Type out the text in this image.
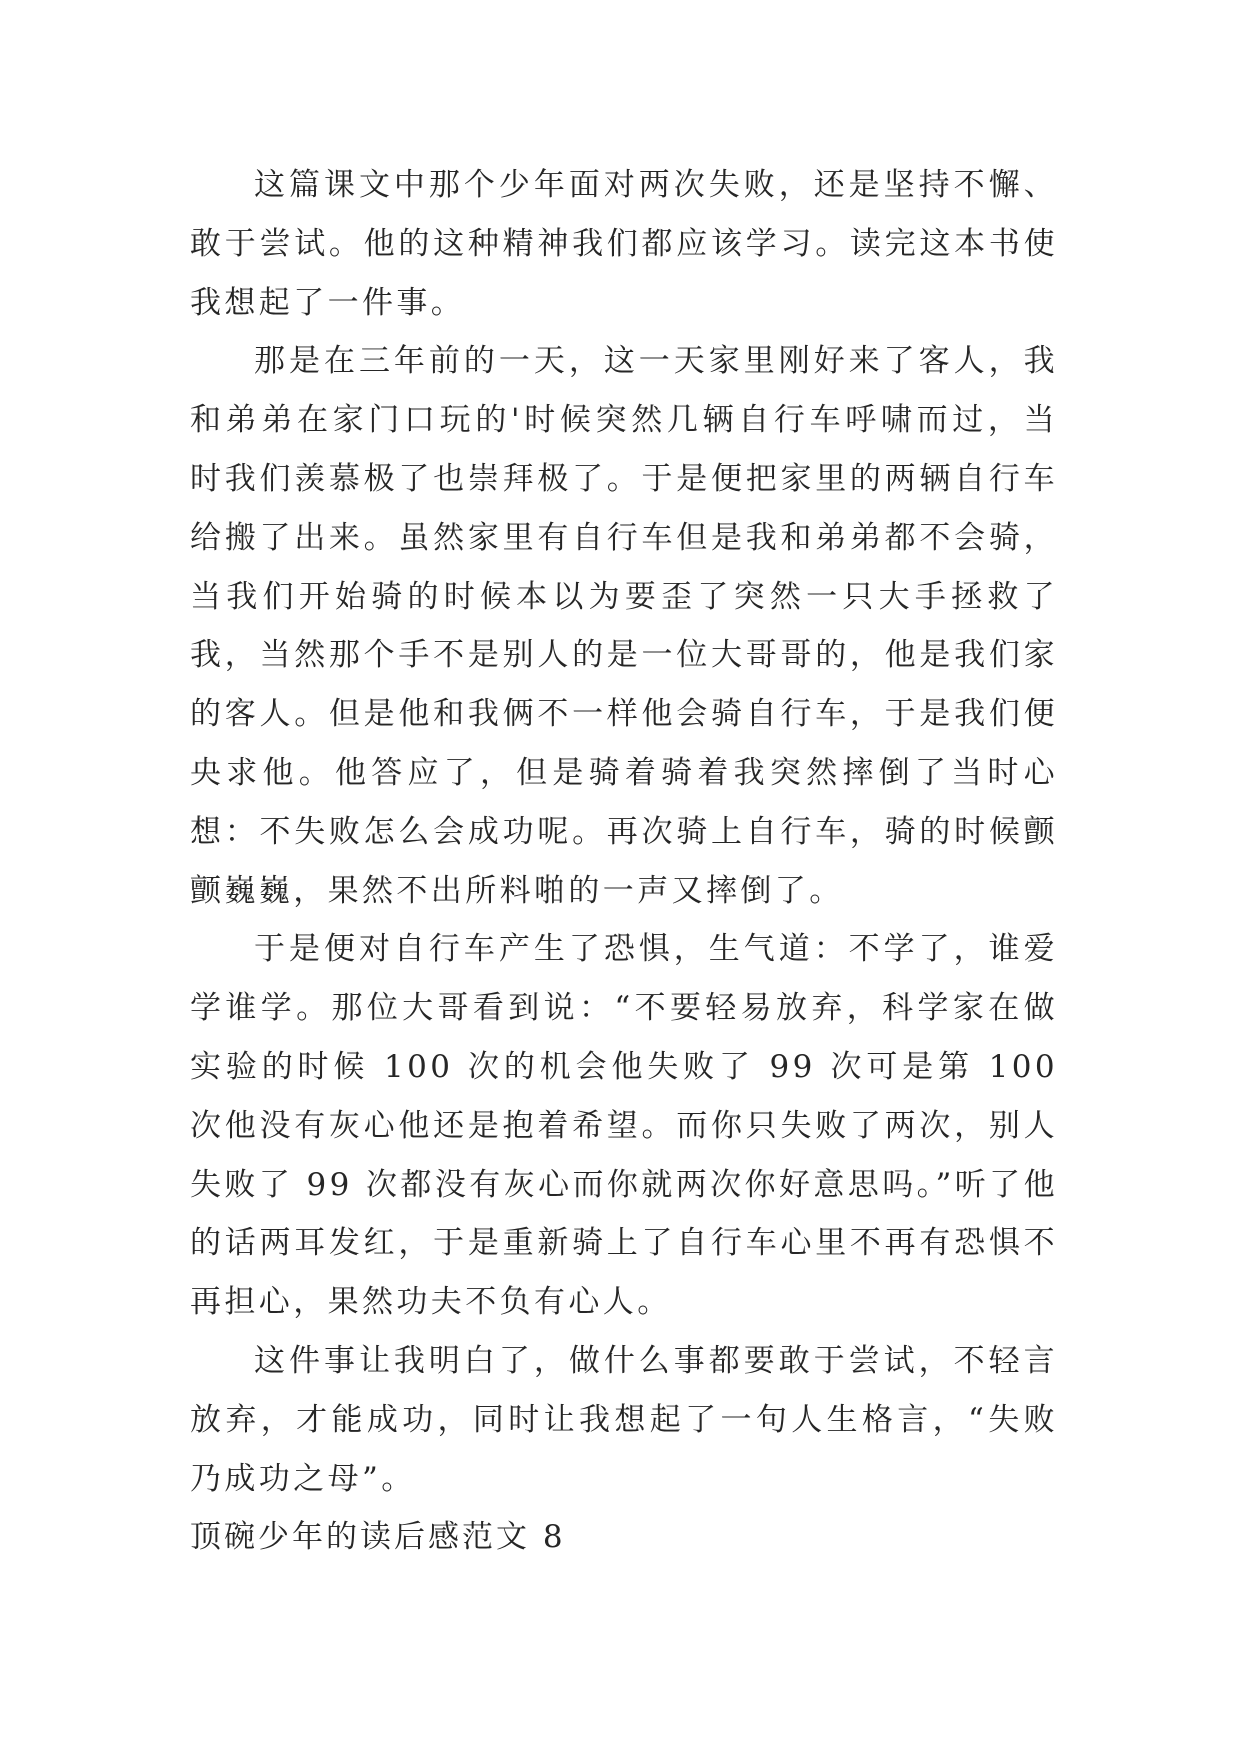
这篇课文中那个少年面对两次失败，还是坚持不懈、敢于尝试。他的这种精神我们都应该学习。读完这本书使我想起了一件事。

那是在三年前的一天，这一天家里刚好来了客人，我和弟弟在家门口玩的'时候突然几辆自行车呼啸而过，当时我们羡慕极了也崇拜极了。于是便把家里的两辆自行车给搬了出来。虽然家里有自行车但是我和弟弟都不会骑，当我们开始骑的时候本以为要歪了突然一只大手拯救了我，当然那个手不是别人的是一位大哥哥的，他是我们家的客人。但是他和我俩不一样他会骑自行车，于是我们便央求他。他答应了，但是骑着骑着我突然摔倒了当时心想：不失败怎么会成功呢。再次骑上自行车，骑的时候颤颤巍巍，果然不出所料啪的一声又摔倒了。

于是便对自行车产生了恐惧，生气道：不学了，谁爱学谁学。那位大哥看到说：“不要轻易放弃，科学家在做实验的时候 100 次的机会他失败了 99 次可是第 100 次他没有灰心他还是抱着希望。而你只失败了两次，别人失败了 99 次都没有灰心而你就两次你好意思吗。”听了他的话两耳发红，于是重新骑上了自行车心里不再有恐惧不再担心，果然功夫不负有心人。

这件事让我明白了，做什么事都要敢于尝试，不轻言放弃，才能成功，同时让我想起了一句人生格言，“失败乃成功之母”。

顶碗少年的读后感范文 8
